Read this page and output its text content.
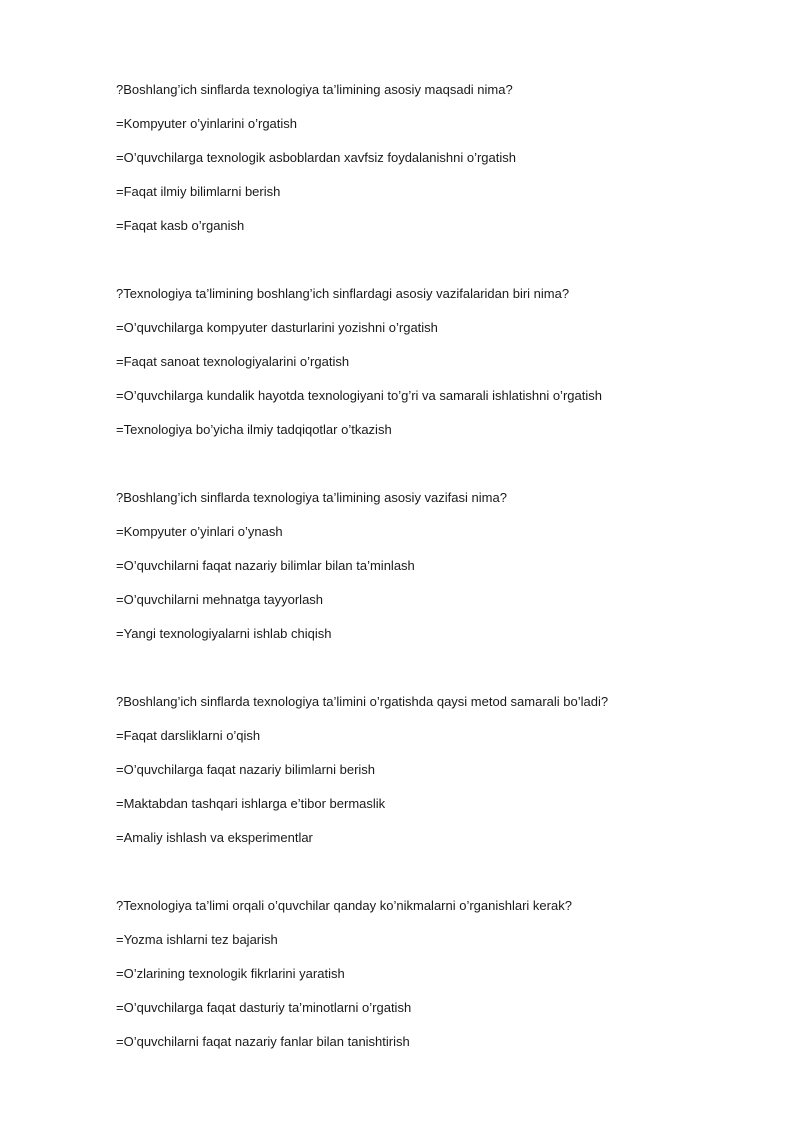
?Boshlang’ich sinflarda texnologiya ta’limining asosiy maqsadi nima?
=Kompyuter o’yinlarini o’rgatish
=O’quvchilarga texnologik asboblardan xavfsiz foydalanishni o’rgatish
=Faqat ilmiy bilimlarni berish
=Faqat kasb o’rganish
?Texnologiya ta’limining boshlang’ich sinflardagi asosiy vazifalaridan biri nima?
=O’quvchilarga kompyuter dasturlarini yozishni o’rgatish
=Faqat sanoat texnologiyalarini o’rgatish
=O’quvchilarga kundalik hayotda texnologiyani to’g’ri va samarali ishlatishni o’rgatish
=Texnologiya bo’yicha ilmiy tadqiqotlar o’tkazish
?Boshlang’ich sinflarda texnologiya ta’limining asosiy vazifasi nima?
=Kompyuter o’yinlari o’ynash
=O’quvchilarni faqat nazariy bilimlar bilan ta’minlash
=O’quvchilarni mehnatga tayyorlash
=Yangi texnologiyalarni ishlab chiqish
?Boshlang’ich sinflarda texnologiya ta’limini o’rgatishda qaysi metod samarali bo’ladi?
=Faqat darsliklarni o’qish
=O’quvchilarga faqat nazariy bilimlarni berish
=Maktabdan tashqari ishlarga e’tibor bermaslik
=Amaliy ishlash va eksperimentlar
?Texnologiya ta’limi orqali o’quvchilar qanday ko’nikmalarni o’rganishlari kerak?
=Yozma ishlarni tez bajarish
=O’zlarining texnologik fikrlarini yaratish
=O’quvchilarga faqat dasturiy ta’minotlarni o’rgatish
=O’quvchilarni faqat nazariy fanlar bilan tanishtirish
